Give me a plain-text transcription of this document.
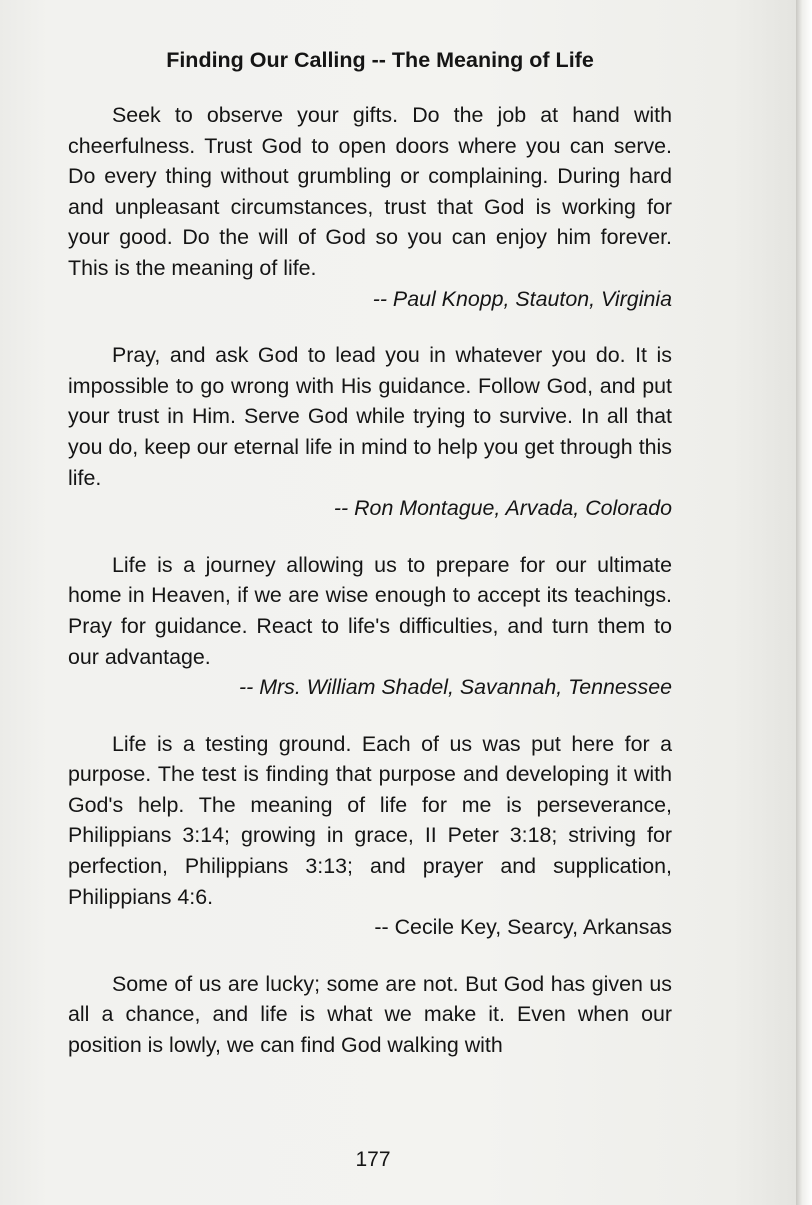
Finding Our Calling -- The Meaning of Life

Seek to observe your gifts. Do the job at hand with cheerfulness. Trust God to open doors where you can serve. Do every thing without grumbling or complaining. During hard and unpleasant circumstances, trust that God is working for your good. Do the will of God so you can enjoy him forever. This is the meaning of life.

-- Paul Knopp, Stauton, Virginia

Pray, and ask God to lead you in whatever you do. It is impossible to go wrong with His guidance. Follow God, and put your trust in Him. Serve God while trying to survive. In all that you do, keep our eternal life in mind to help you get through this life.

-- Ron Montague, Arvada, Colorado

Life is a journey allowing us to prepare for our ultimate home in Heaven, if we are wise enough to accept its teachings. Pray for guidance. React to life's difficulties, and turn them to our advantage.

-- Mrs. William Shadel, Savannah, Tennessee

Life is a testing ground. Each of us was put here for a purpose. The test is finding that purpose and developing it with God's help. The meaning of life for me is perseverance, Philippians 3:14; growing in grace, II Peter 3:18; striving for perfection, Philippians 3:13; and prayer and supplication, Philippians 4:6.

-- Cecile Key, Searcy, Arkansas

Some of us are lucky; some are not. But God has given us all a chance, and life is what we make it. Even when our position is lowly, we can find God walking with

177
